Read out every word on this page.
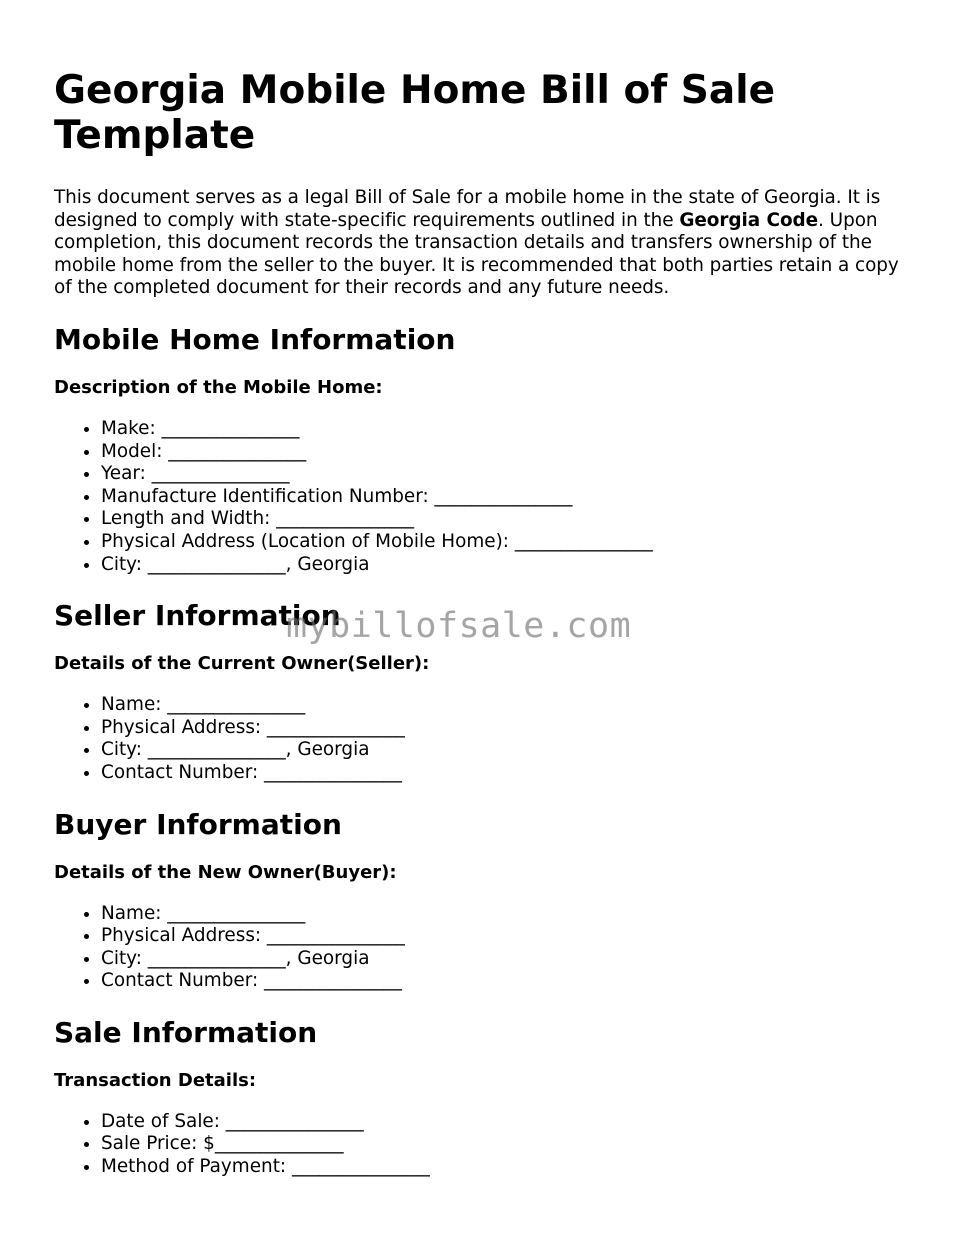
Georgia Mobile Home Bill of Sale Template

This document serves as a legal Bill of Sale for a mobile home in the state of Georgia. It is designed to comply with state-specific requirements outlined in the Georgia Code. Upon completion, this document records the transaction details and transfers ownership of the mobile home from the seller to the buyer. It is recommended that both parties retain a copy of the completed document for their records and any future needs.

Mobile Home Information
Description of the Mobile Home:
• Make: _______________
• Model: _______________
• Year: _______________
• Manufacture Identification Number: _______________
• Length and Width: _______________
• Physical Address (Location of Mobile Home): _______________
• City: _______________, Georgia
Seller Information
Details of the Current Owner(Seller):
• Name: _______________
• Physical Address: _______________
• City: _______________, Georgia
• Contact Number: _______________
Buyer Information
Details of the New Owner(Buyer):
• Name: _______________
• Physical Address: _______________
• City: _______________, Georgia
• Contact Number: _______________
Sale Information
Transaction Details:
• Date of Sale: _______________
• Sale Price: $______________
• Method of Payment: _______________
mybillofsale.com
